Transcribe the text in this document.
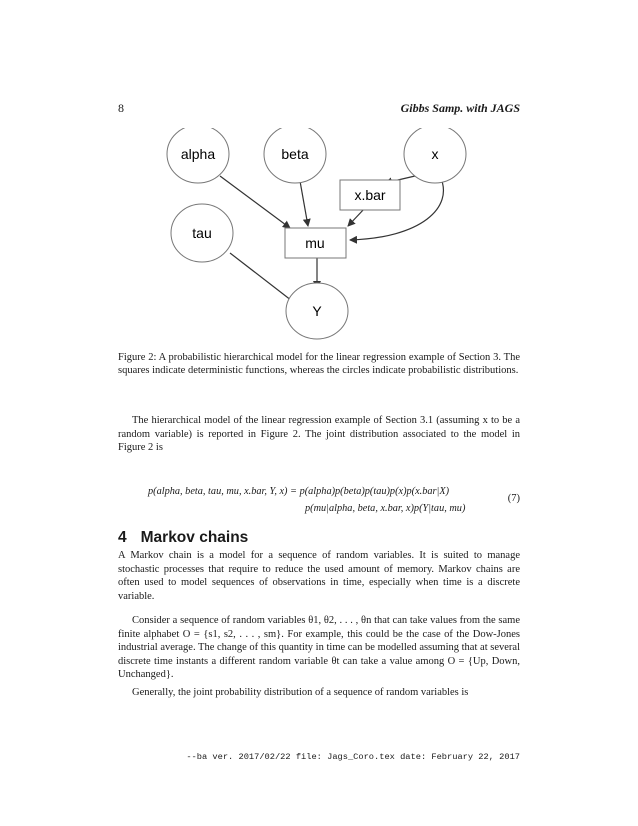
8	Gibbs Samp. with JAGS
alpha	beta	x
x.bar
tau
mu
Y
Figure 2: A probabilistic hierarchical model for the linear regression example of Section 3. The squares indicate deterministic functions, whereas the circles indicate probabilistic distributions.

The hierarchical model of the linear regression example of Section 3.1 (assuming x to be a random variable) is reported in Figure 2. The joint distribution associated to the model in Figure 2 is

p(alpha, beta, tau, mu, x.bar, Y, x) = p(alpha)p(beta)p(tau)p(x)p(x.bar|X)
p(mu|alpha, beta, x.bar, x)p(Y|tau, mu)
(7)
4 Markov chains

A Markov chain is a model for a sequence of random variables. It is suited to manage stochastic processes that require to reduce the used amount of memory. Markov chains are often used to model sequences of observations in time, especially when time is a discrete variable.

Consider a sequence of random variables θ1, θ2, . . . , θn that can take values from the same finite alphabet O = {s1, s2, . . . , sm}. For example, this could be the case of the Dow-Jones industrial average. The change of this quantity in time can be modelled assuming that at several discrete time instants a different random variable θt can take a value among O = {Up, Down, Unchanged}.

Generally, the joint probability distribution of a sequence of random variables is

--ba ver. 2017/02/22 file: Jags_Coro.tex date: February 22, 2017
